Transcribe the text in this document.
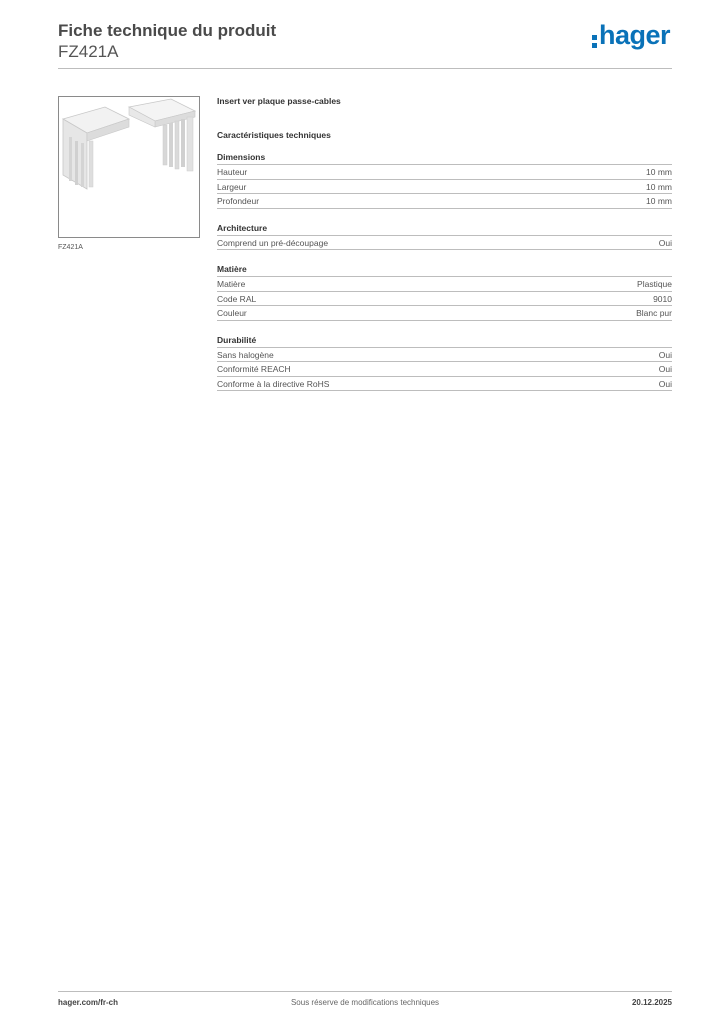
Fiche technique du produit

FZ421A

hager
FZ421A

Insert ver plaque passe-cables

Caractéristiques techniques

Dimensions
Hauteur	10 mm
Largeur	10 mm
Profondeur	10 mm
Architecture
Comprend un pré-découpage	Oui
Matière
Matière	Plastique
Code RAL	9010
Couleur	Blanc pur
Durabilité
Sans halogène	Oui
Conformité REACH	Oui
Conforme à la directive RoHS	Oui
hager.com/fr-ch	Sous réserve de modifications techniques	20.12.2025
